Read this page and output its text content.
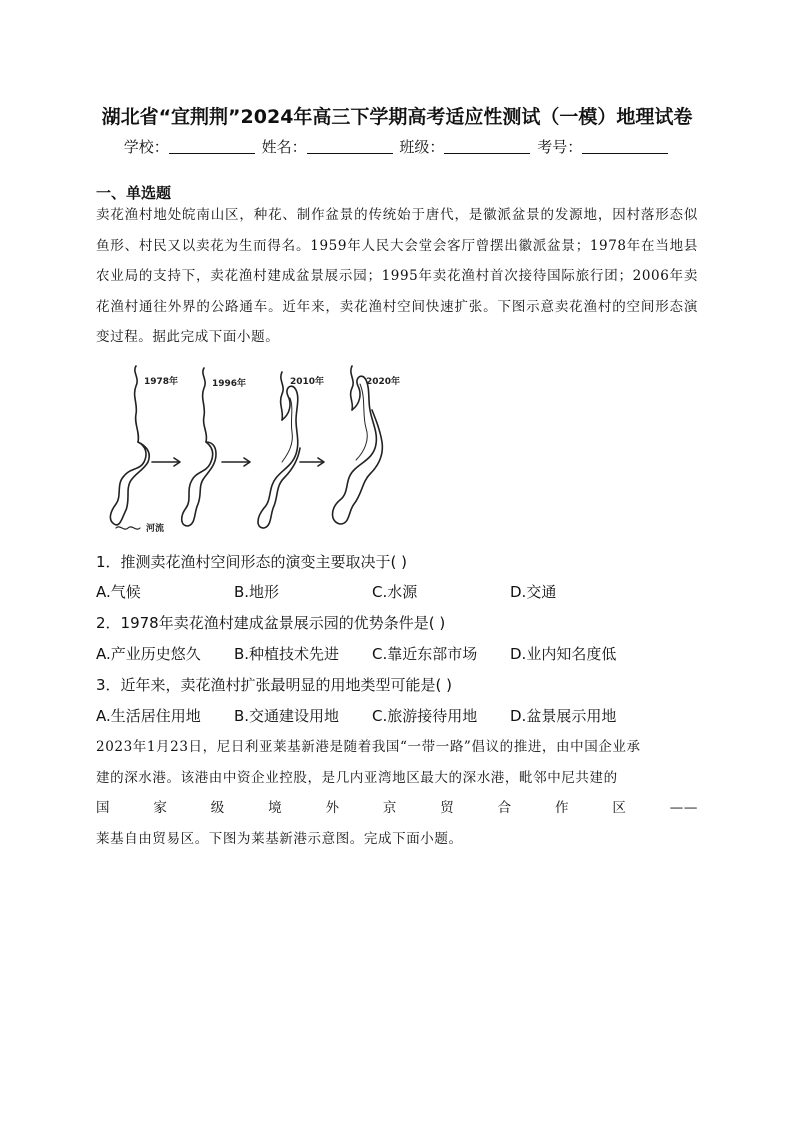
湖北省“宜荆荆”2024年高三下学期高考适应性测试（一模）地理试卷
学校：	姓名：	班级：	考号：
一、单选题
卖花渔村地处皖南山区，种花、制作盆景的传统始于唐代，是徽派盆景的发源地，因村落形态似鱼形、村民又以卖花为生而得名。1959年人民大会堂会客厅曾摆出徽派盆景；1978年在当地县农业局的支持下，卖花渔村建成盆景展示园；1995年卖花渔村首次接待国际旅行团；2006年卖花渔村通往外界的公路通车。近年来，卖花渔村空间快速扩张。下图示意卖花渔村的空间形态演变过程。据此完成下面小题。
1978年	1996年	2010年	2020年
河流
1．推测卖花渔村空间形态的演变主要取决于( )
A.气候	B.地形	C.水源	D.交通
2．1978年卖花渔村建成盆景展示园的优势条件是( )
A.产业历史悠久 B.种植技术先进 C.靠近东部市场 D.业内知名度低
3．近年来，卖花渔村扩张最明显的用地类型可能是( )
A.生活居住用地 B.交通建设用地 C.旅游接待用地 D.盆景展示用地
2023年1月23日，尼日利亚莱基新港是随着我国“一带一路”倡议的推进，由中国企业承
建的深水港。该港由中资企业控股，是几内亚湾地区最大的深水港，毗邻中尼共建的
国	家	级	境	外	京	贸	合	作	区	——
莱基自由贸易区。下图为莱基新港示意图。完成下面小题。
